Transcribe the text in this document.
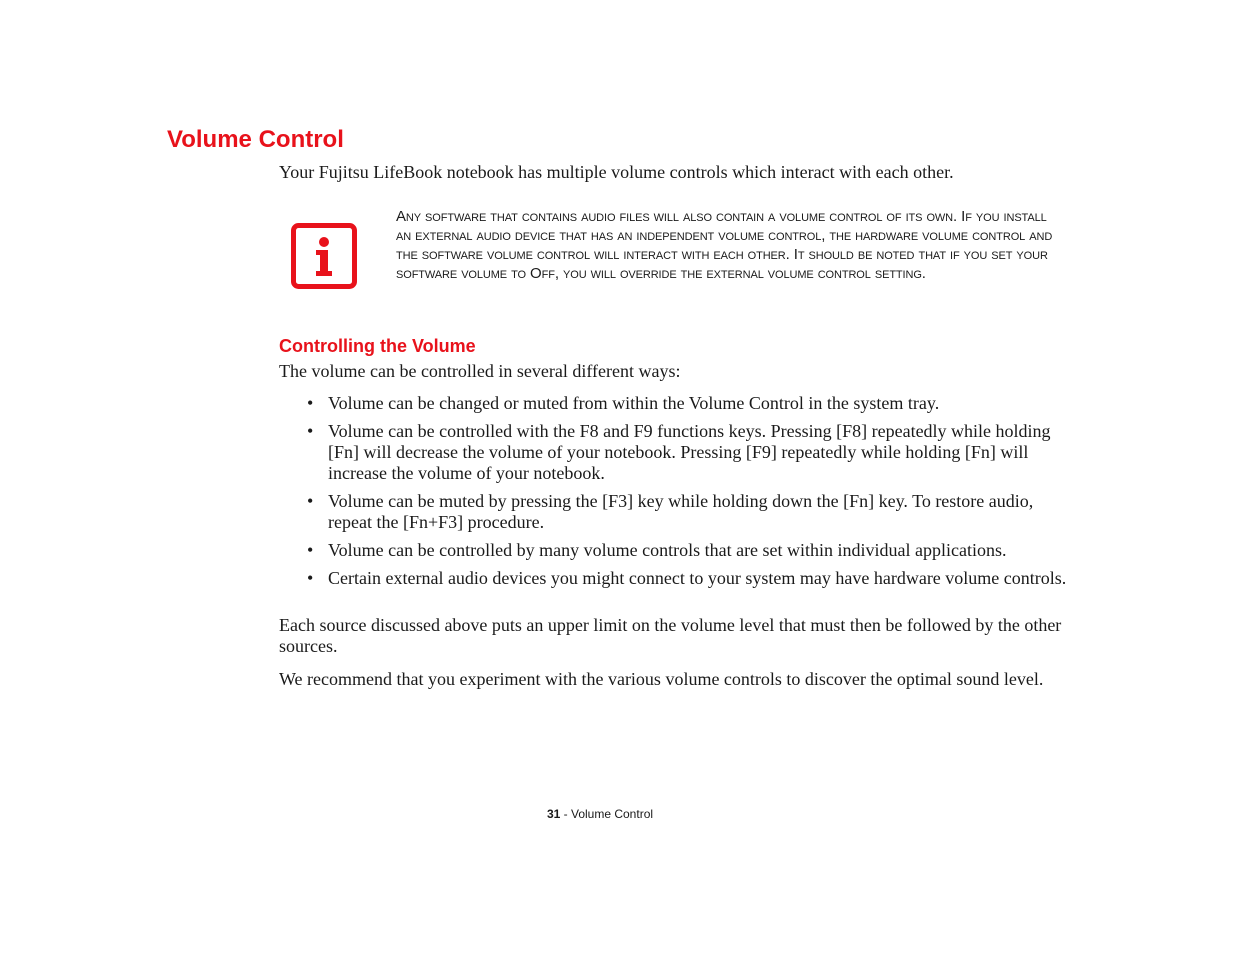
Volume Control

Your Fujitsu LifeBook notebook has multiple volume controls which interact with each other.

Any software that contains audio files will also contain a volume control of its own. If you install an external audio device that has an independent volume control, the hardware volume control and the software volume control will interact with each other. It should be noted that if you set your software volume to Off, you will override the external volume control setting.

Controlling the Volume

The volume can be controlled in several different ways:

• Volume can be changed or muted from within the Volume Control in the system tray.
• Volume can be controlled with the F8 and F9 functions keys. Pressing [F8] repeatedly while holding [Fn] will decrease the volume of your notebook. Pressing [F9] repeatedly while holding [Fn] will increase the volume of your notebook.
• Volume can be muted by pressing the [F3] key while holding down the [Fn] key. To restore audio, repeat the [Fn+F3] procedure.
• Volume can be controlled by many volume controls that are set within individual applications.
• Certain external audio devices you might connect to your system may have hardware volume controls.

Each source discussed above puts an upper limit on the volume level that must then be followed by the other sources.

We recommend that you experiment with the various volume controls to discover the optimal sound level.

31 - Volume Control
